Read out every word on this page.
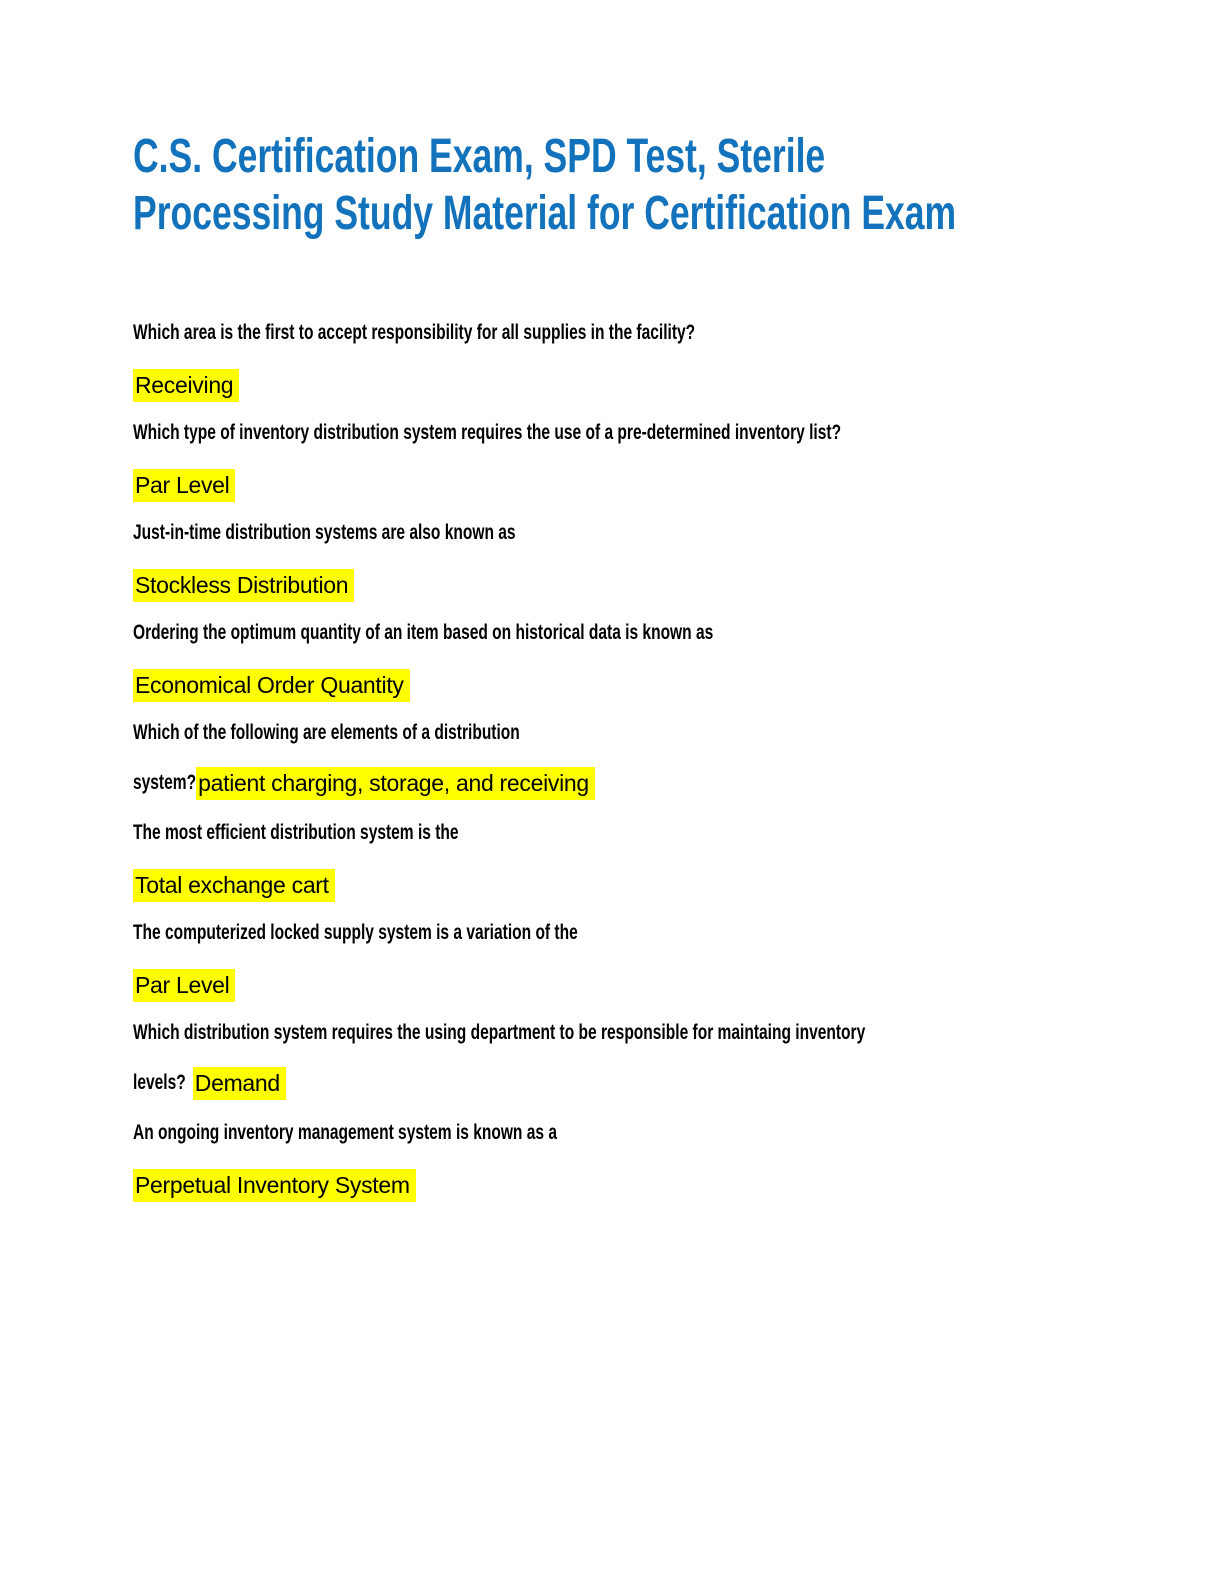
C.S. Certification Exam, SPD Test, Sterile
Processing Study Material for Certification Exam

Which area is the first to accept responsibility for all supplies in the facility?

Receiving

Which type of inventory distribution system requires the use of a pre-determined inventory list?

Par Level

Just-in-time distribution systems are also known as

Stockless Distribution

Ordering the optimum quantity of an item based on historical data is known as

Economical Order Quantity

Which of the following are elements of a distribution

system?patient charging, storage, and receiving

The most efficient distribution system is the

Total exchange cart

The computerized locked supply system is a variation of the

Par Level

Which distribution system requires the using department to be responsible for maintaing inventory

levels? Demand

An ongoing inventory management system is known as a

Perpetual Inventory System
